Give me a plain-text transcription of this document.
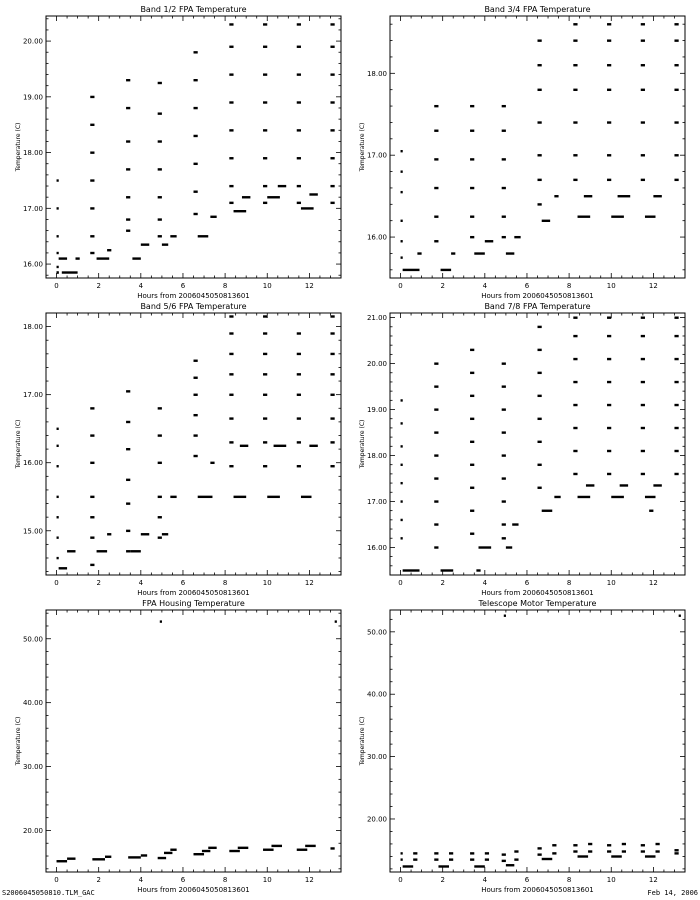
Band 1/2 FPA Temperature
Hours from 2006045050813601
Temperature (C)
0	2	4	6	8	10	12
16.00
17.00
18.00
19.00
20.00
Band 3/4 FPA Temperature
Hours from 2006045050813601
Temperature (C)
0	2	4	6	8	10	12
16.00
17.00
18.00
Band 5/6 FPA Temperature
Hours from 2006045050813601
Temperature (C)
0	2	4	6	8	10	12
15.00
16.00
17.00
18.00
Band 7/8 FPA Temperature
Hours from 2006045050813601
Temperature (C)
0	2	4	6	8	10	12
16.00
17.00
18.00
19.00
20.00
21.00
FPA Housing Temperature
Hours from 2006045050813601
Temperature (C)
0	2	4	6	8	10	12
20.00
30.00
40.00
50.00
Telescope Motor Temperature
Hours from 2006045050813601
Temperature (C)
0	2	4	6	8	10	12
20.00
30.00
40.00
50.00
S2006045050810.TLM_GAC	Feb 14, 2006
